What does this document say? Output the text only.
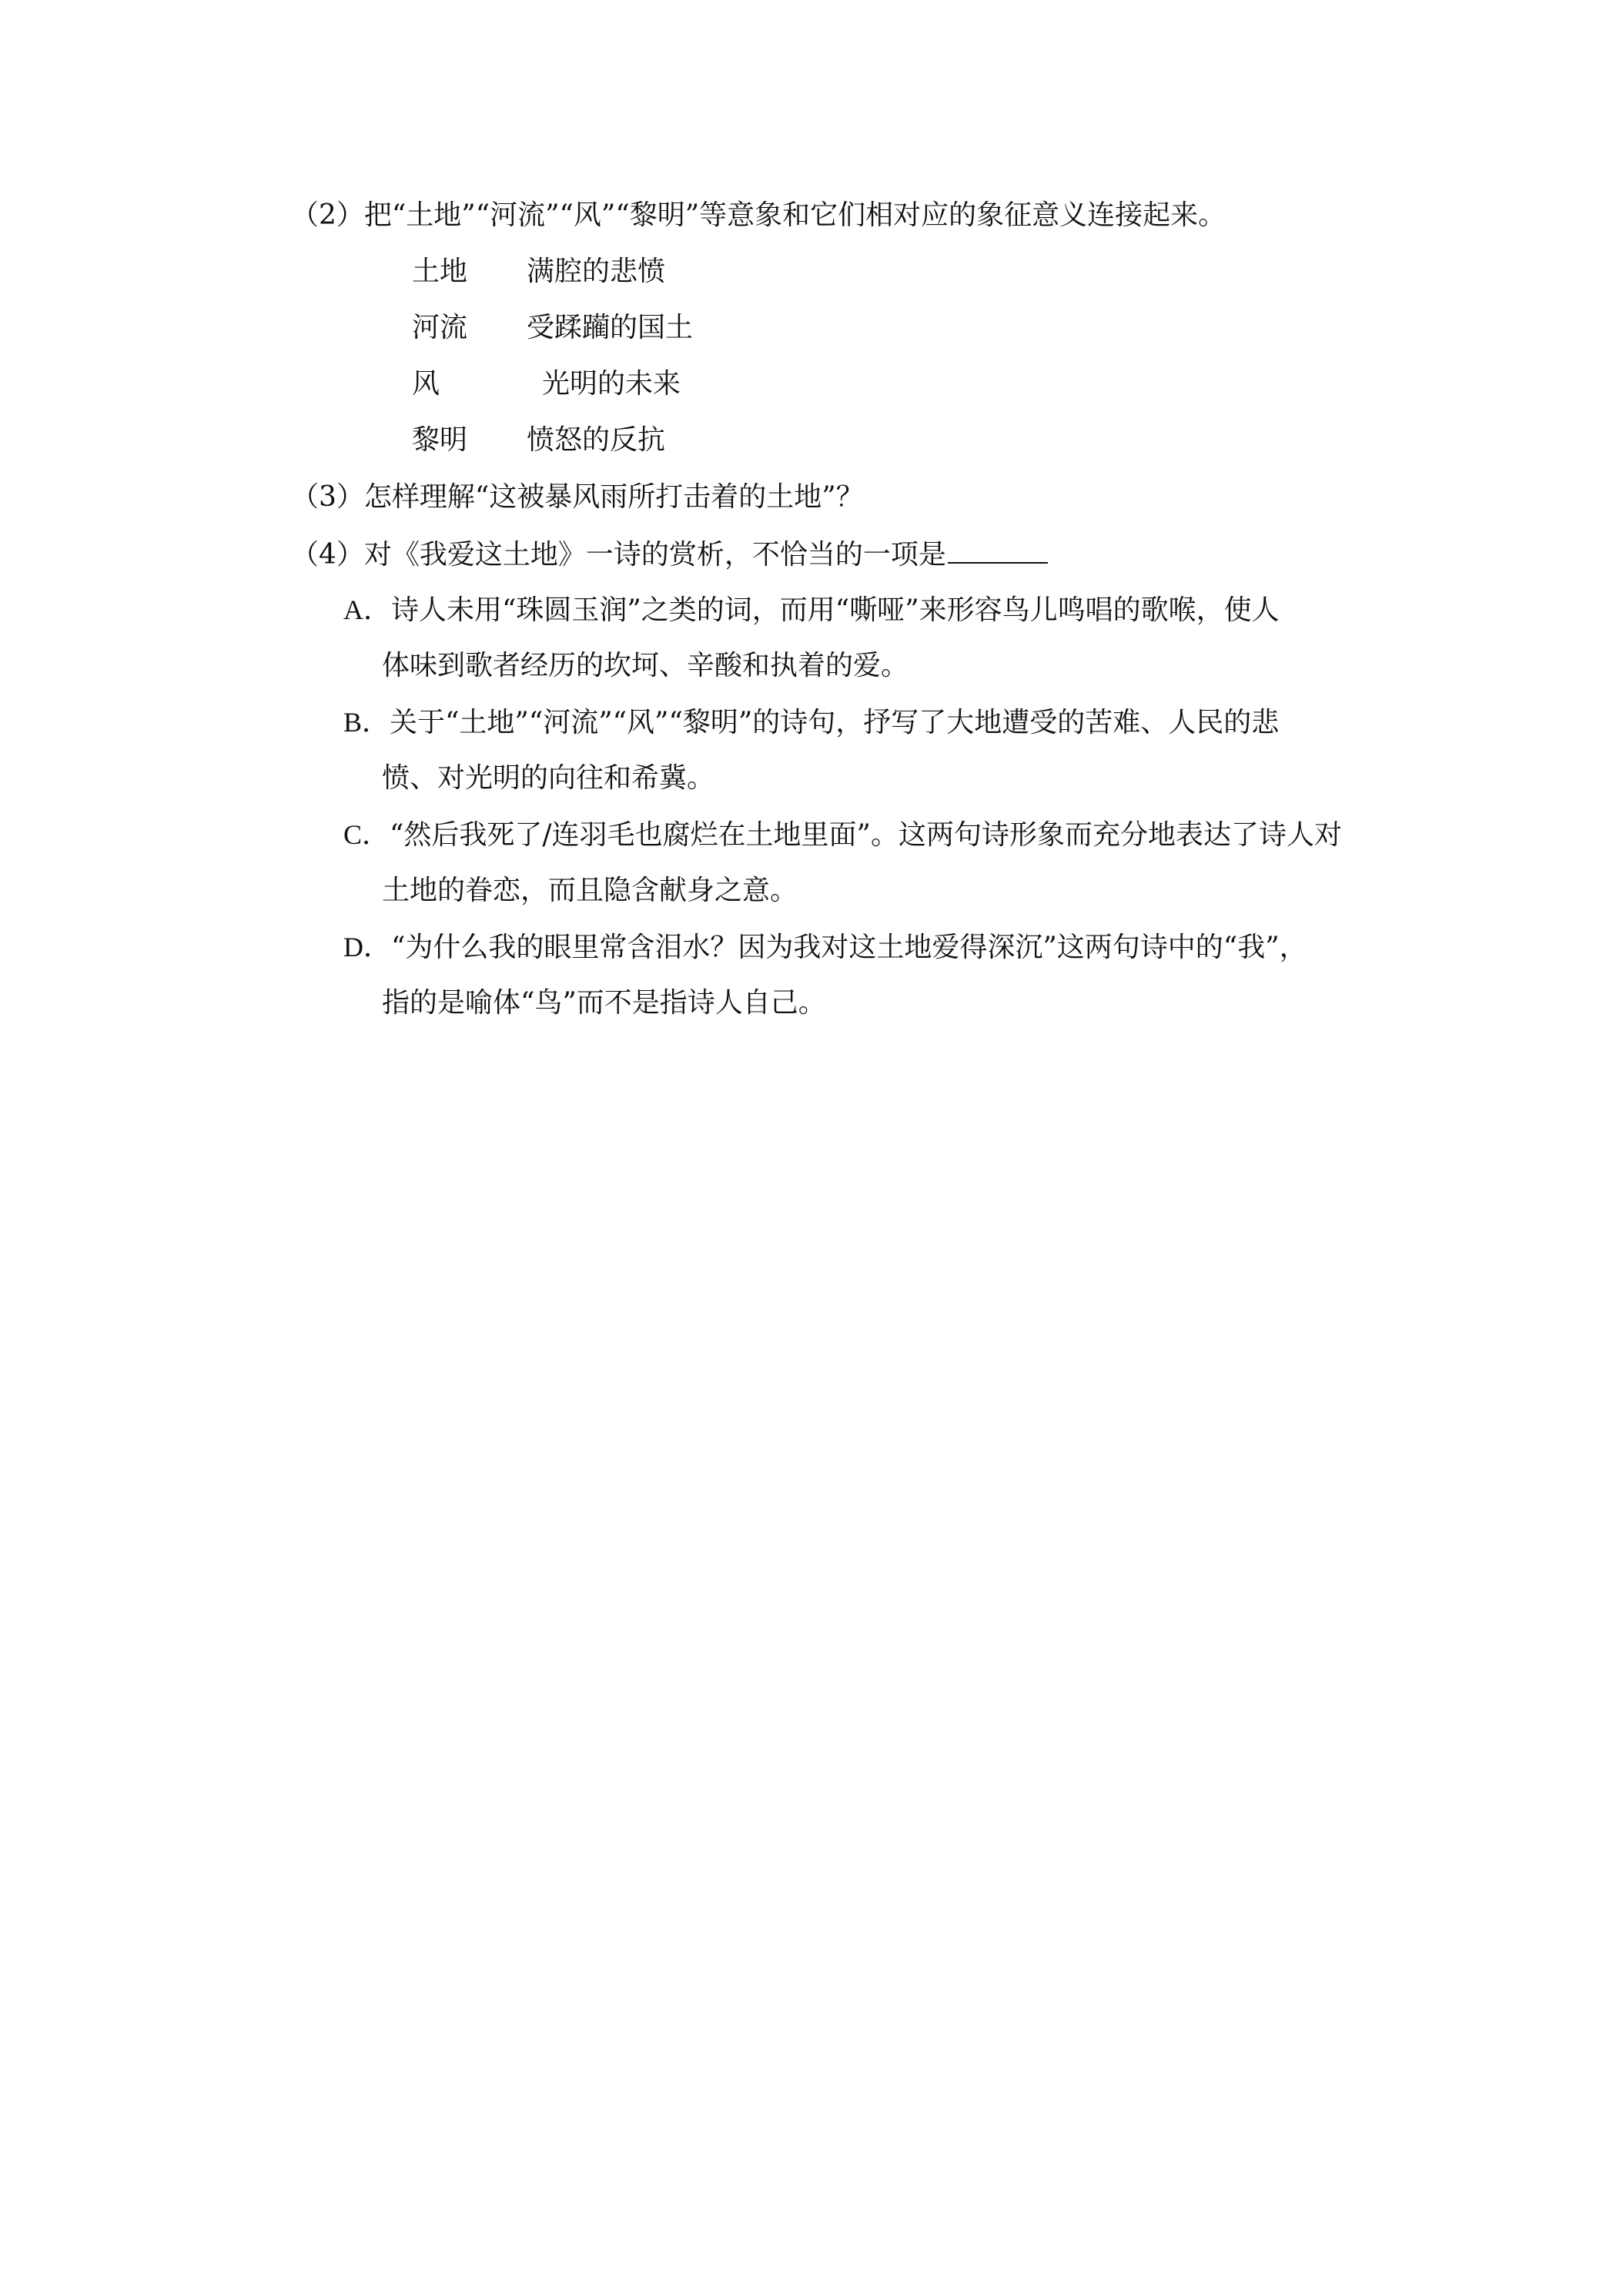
（2）把“土地”“河流”“风”“黎明”等意象和它们相对应的象征意义连接起来。
土地 满腔的悲愤
河流 受蹂躏的国土
风	光明的未来
黎明 愤怒的反抗
（3）怎样理解“这被暴风雨所打击着的土地”？
（4）对《我爱这土地》一诗的赏析，不恰当的一项是
A．诗人未用“珠圆玉润”之类的词，而用“嘶哑”来形容鸟儿鸣唱的歌喉，使人
体味到歌者经历的坎坷、辛酸和执着的爱。
B．关于“土地”“河流”“风”“黎明”的诗句，抒写了大地遭受的苦难、人民的悲
愤、对光明的向往和希冀。
C．“然后我死了/连羽毛也腐烂在土地里面”。这两句诗形象而充分地表达了诗人对
土地的眷恋，而且隐含献身之意。
D．“为什么我的眼里常含泪水？因为我对这土地爱得深沉”这两句诗中的“我”，
指的是喻体“鸟”而不是指诗人自己。
